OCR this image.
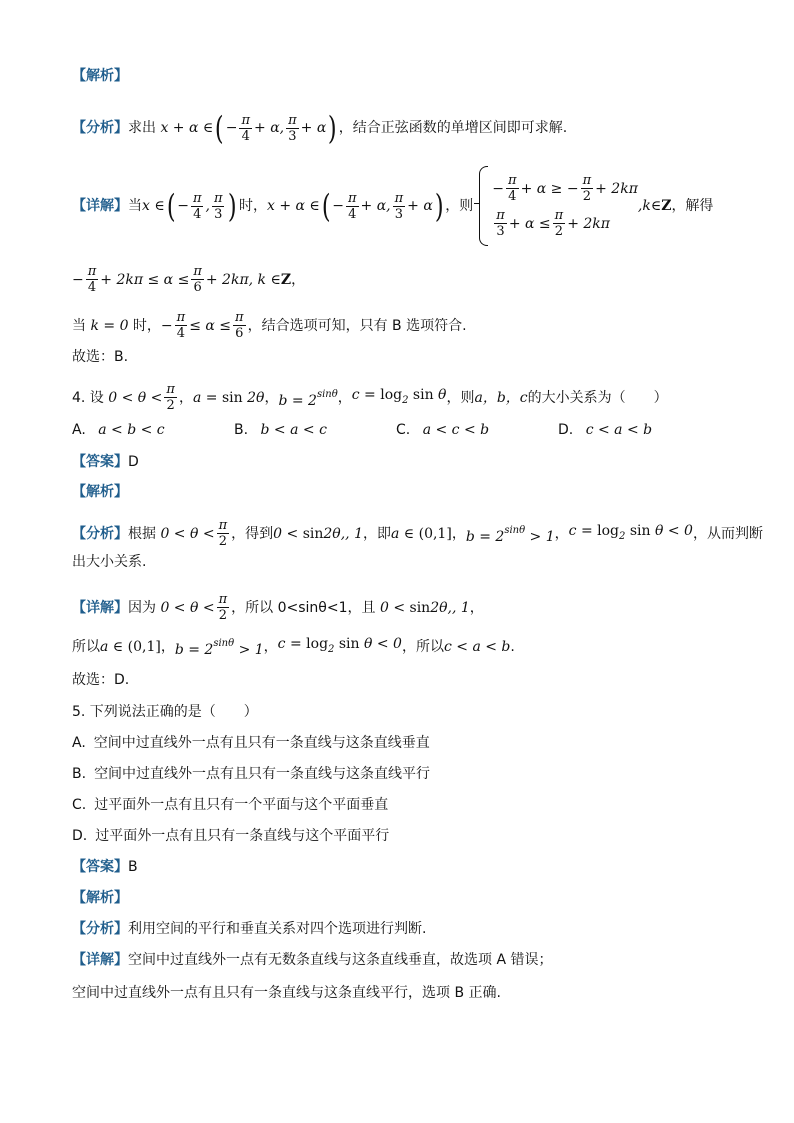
【解析】
【分析】 求出 x + α ∈ ( − $\frac{\pi}{4} + \alpha$, $\frac{\pi}{3} + \alpha$ ) ，结合正弦函数的单增区间即可求解.
【详解】 当 x ∈ ( − $\frac{\pi}{4}$ , $\frac{\pi}{3}$ ) 时， x + α ∈ ( − $\frac{\pi}{4} + \alpha$, $\frac{\pi}{3} + \alpha$ ) ，则
− $\frac{\pi}{4} + \alpha$ ≥ − $\frac{\pi}{2} + 2k\pi$
$\frac{\pi}{3} + \alpha \le \frac{\pi}{2} + 2k\pi$
,k∈ Z ，解得
− $\frac{\pi}{4} + 2k\pi \le \alpha \le \frac{\pi}{6} + 2k\pi$, k ∈ Z ，
当 k = 0 时， − $\frac{\pi}{4} \le \alpha \le \frac{\pi}{6}$ ，结合选项可知，只有 B 选项符合.
故选：B.
4. 设 $0 < \theta < \frac{\pi}{2}$ ， a = sin 2θ ， $b = 2^{sin\theta}$ ， $c = \log_2 \sin \theta$ ，则 a，b，c 的大小关系为（　　）
A. a < b < c	B. b < a < c	C. a < c < b	D. c < a < b
【答案】 D
【解析】
【分析】 根据 $0 < \theta < \frac{\pi}{2}$ ，得到 0 < sin2θ,, 1 ，即 a ∈ (0,1] ， $b = 2^{sin\theta} > 1$ ， $c = \log_2 \sin \theta < 0$ ，从而判断
出大小关系.
【详解】 因为 $0 < \theta < \frac{\pi}{2}$ ，所以 0<sinθ<1，且 0 < sin2θ,, 1 ，
所以 a ∈ (0,1] ， $b = 2^{sin\theta} > 1$ ， $c = \log_2 \sin \theta < 0$ ，所以 c < a < b .
故选：D.
5. 下列说法正确的是（　　）
A. 空间中过直线外一点有且只有一条直线与这条直线垂直
B. 空间中过直线外一点有且只有一条直线与这条直线平行
C. 过平面外一点有且只有一个平面与这个平面垂直
D. 过平面外一点有且只有一条直线与这个平面平行
【答案】 B
【解析】
【分析】 利用空间的平行和垂直关系对四个选项进行判断.
【详解】 空间中过直线外一点有无数条直线与这条直线垂直，故选项 A 错误；
空间中过直线外一点有且只有一条直线与这条直线平行，选项 B 正确.
